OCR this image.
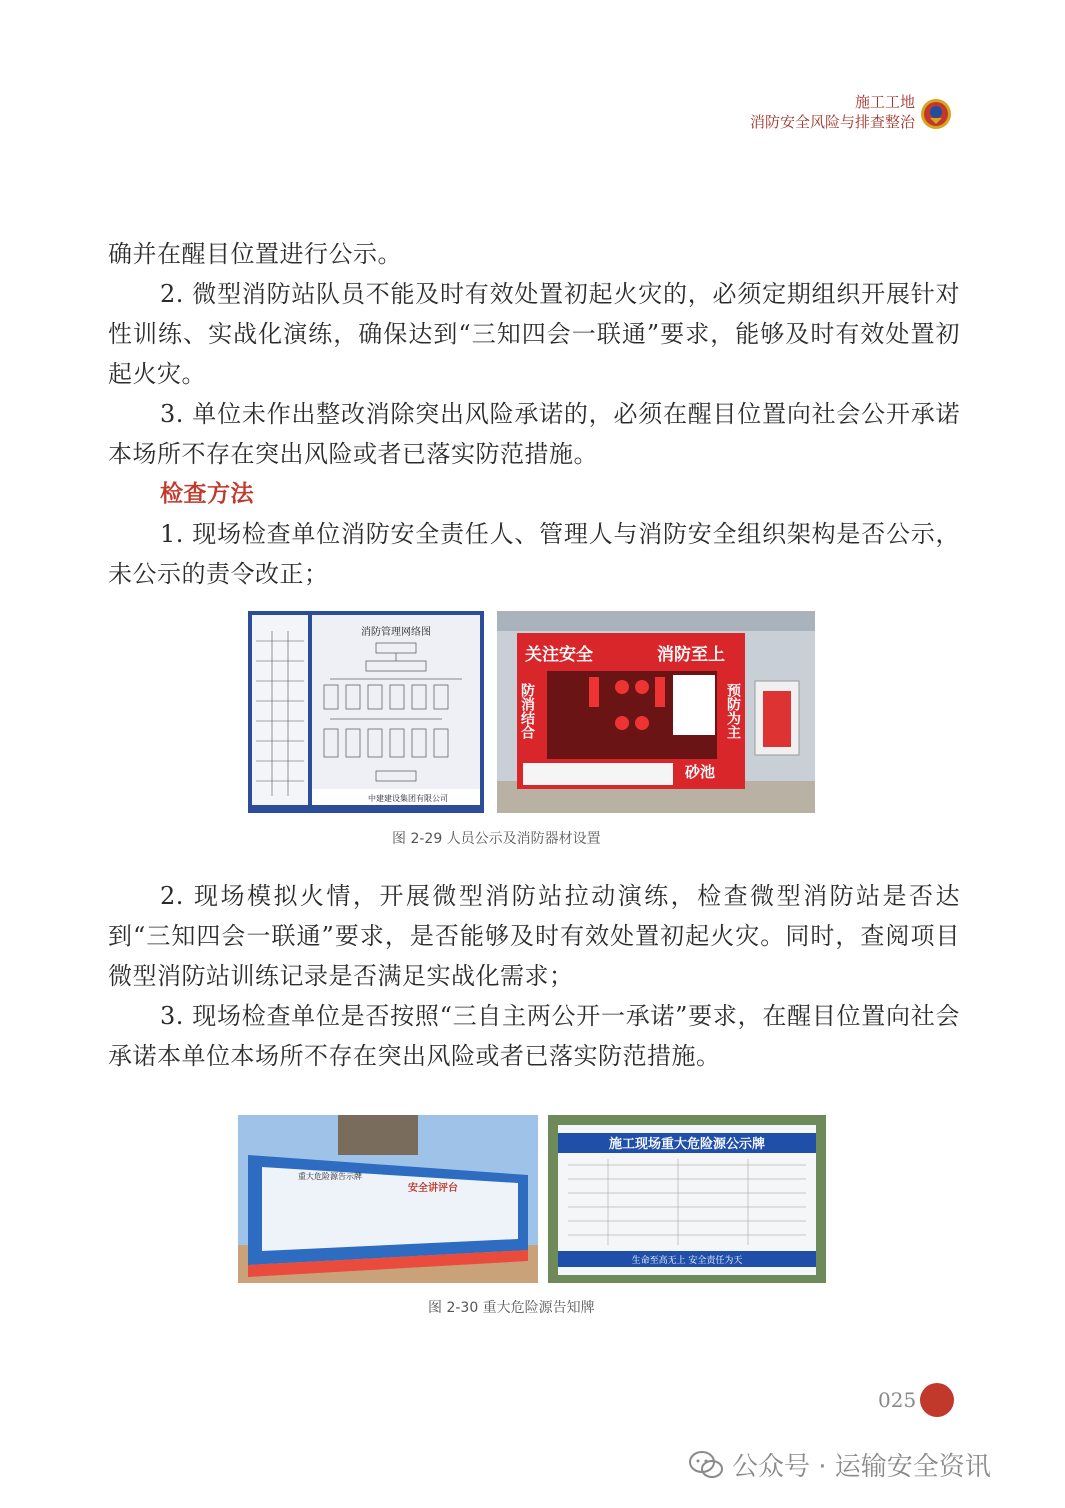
施工工地
消防安全风险与排查整治

确并在醒目位置进行公示。

2. 微型消防站队员不能及时有效处置初起火灾的，必须定期组织开展针对性训练、实战化演练，确保达到“三知四会一联通”要求，能够及时有效处置初起火灾。

3. 单位未作出整改消除突出风险承诺的，必须在醒目位置向社会公开承诺本场所不存在突出风险或者已落实防范措施。

检查方法

1. 现场检查单位消防安全责任人、管理人与消防安全组织架构是否公示，未公示的责令改正；

消防管理网络图
中建建设集团有限公司
关注安全	消防至上
防消结合	预防为主
砂池
图 2-29 人员公示及消防器材设置

2. 现场模拟火情，开展微型消防站拉动演练，检查微型消防站是否达到“三知四会一联通”要求，是否能够及时有效处置初起火灾。同时，查阅项目微型消防站训练记录是否满足实战化需求；

3. 现场检查单位是否按照“三自主两公开一承诺”要求，在醒目位置向社会承诺本单位本场所不存在突出风险或者已落实防范措施。

重大危险源告示牌
安全讲评台
施工现场重大危险源公示牌
生命至高无上 安全责任为天
图 2-30 重大危险源告知牌
025
公众号 · 运输安全资讯
